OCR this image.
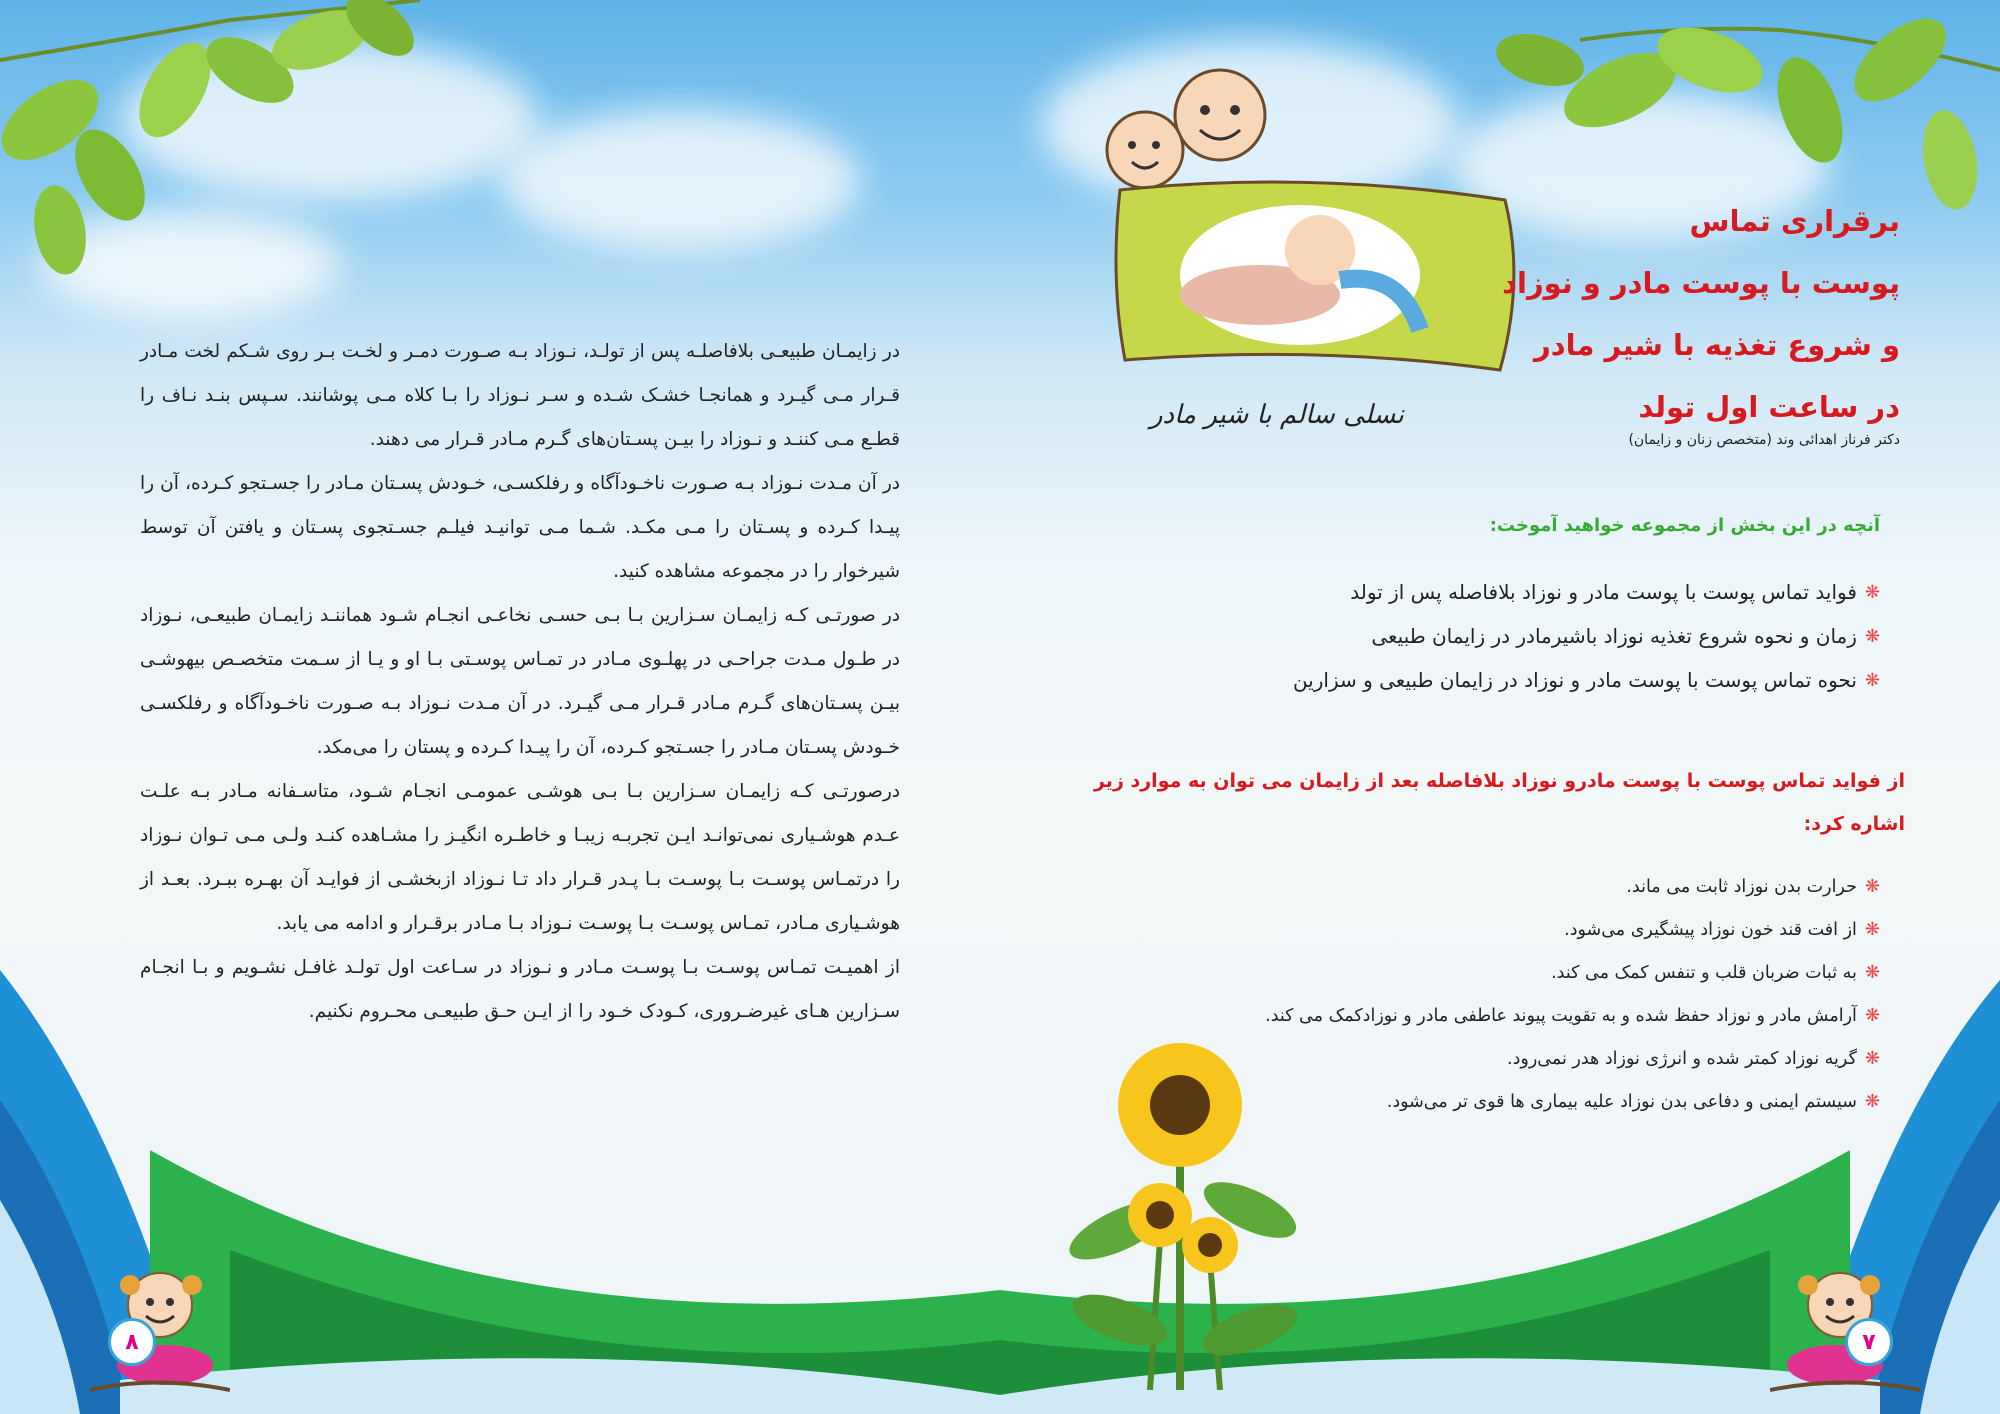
۸

در زایمـان طبیعـی بلافاصلـه پس از تولـد، نـوزاد بـه صـورت دمـر و لخـت بـر روی شـکم لخت مـادر قـرار مـی گیـرد و همانجـا خشـک شـده و سـر نـوزاد را بـا کلاه مـی پوشانند. سـپس بنـد نـاف را قطـع مـی کننـد و نـوزاد را بیـن پسـتان‌های گـرم مـادر قـرار می دهند.

در آن مـدت نـوزاد بـه صـورت ناخـودآگاه و رفلکسـی، خـودش پسـتان مـادر را جسـتجو کـرده، آن را پیـدا کـرده و پسـتان را مـی مکـد. شـما مـی توانیـد فیلـم جسـتجوی پسـتان و یافتن آن توسط شیرخوار را در مجموعه مشاهده کنید.

در صورتـی کـه زایمـان سـزارین بـا بـی حسـی نخاعـی انجـام شـود هماننـد زایمـان طبیعـی، نـوزاد در طـول مـدت جراحـی در پهلـوی مـادر در تمـاس پوسـتی بـا او و یـا از سـمت متخصـص بیهوشـی بیـن پسـتان‌های گـرم مـادر قـرار مـی گیـرد. در آن مـدت نـوزاد بـه صـورت ناخـودآگاه و رفلکسـی خـودش پسـتان مـادر را جسـتجو کـرده، آن را پیـدا کـرده و پستان را می‌مکد.

درصورتـی کـه زایمـان سـزارین بـا بـی هوشـی عمومـی انجـام شـود، متاسـفانه مـادر بـه علـت عـدم هوشـیاری نمی‌توانـد ایـن تجربـه زیبـا و خاطـره انگیـز را مشـاهده کنـد ولـی مـی تـوان نـوزاد را درتمـاس پوسـت بـا پوسـت بـا پـدر قـرار داد تـا نـوزاد ازبخشـی از فوایـد آن بهـره ببـرد. بعـد از هوشـیاری مـادر، تمـاس پوسـت بـا پوسـت نـوزاد بـا مـادر برقـرار و ادامه می یابد.

از اهمیـت تمـاس پوسـت بـا پوسـت مـادر و نـوزاد در سـاعت اول تولـد غافـل نشـویم و بـا انجـام سـزارین هـای غیرضـروری، کـودک خـود را از ایـن حـق طبیعـی محـروم نکنیم.

نسلی سالم با شیر مادر
۷
برقراری تماس
پوست با پوست مادر و نوزاد
و شروع تغذیه با شیر مادر
در ساعت اول تولد
دکتر فرناز اهدائی وند (متخصص زنان و زایمان)
آنچه در این بخش از مجموعه خواهید آموخت:
❋
فواید تماس پوست با پوست مادر و نوزاد بلافاصله پس از تولد
❋
زمان و نحوه شروع تغذیه نوزاد باشیرمادر در زایمان طبیعی
❋
نحوه تماس پوست با پوست مادر و نوزاد در زایمان طبیعی و سزارین
از فواید تماس پوست با پوست مادرو نوزاد بلافاصله بعد از زایمان می توان به موارد زیر اشاره کرد:
❋
حرارت بدن نوزاد ثابت می ماند.
❋
از افت قند خون نوزاد پیشگیری می‌شود.
❋
به ثبات ضربان قلب و تنفس کمک می کند.
❋
آرامش مادر و نوزاد حفظ شده و به تقویت پیوند عاطفی مادر و نوزادکمک می کند.
❋
گریه نوزاد کمتر شده و انرژی نوزاد هدر نمی‌رود.
❋
سیستم ایمنی و دفاعی بدن نوزاد علیه بیماری ها قوی تر می‌شود.
